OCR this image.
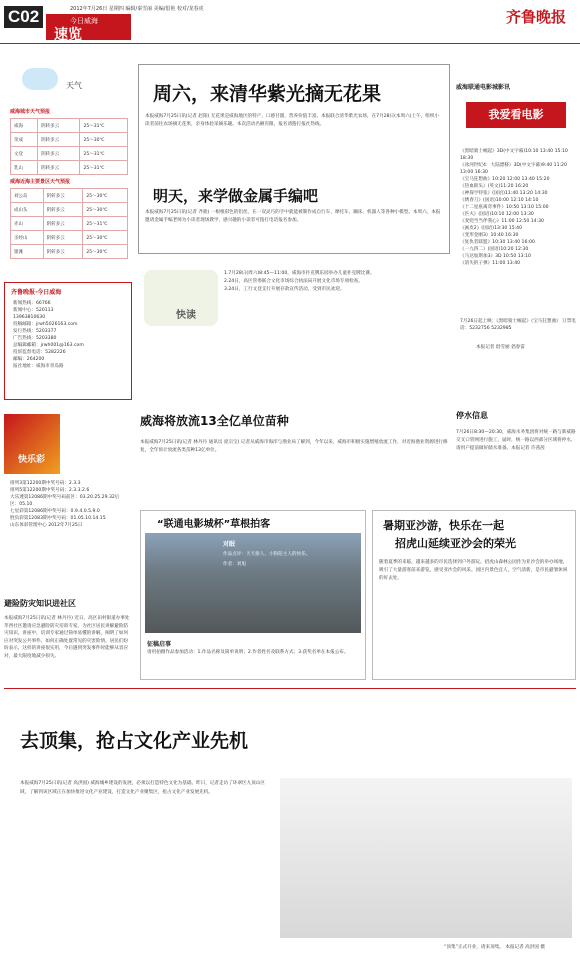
C02	2012年7月26日 星期四 编辑/秦雪丽 美编/倡艳 校对/龙春虎
今日威海
速览
齐鲁晚报
天气
威海城市天气预报
威海	阴转多云	25～31℃
荣成	阴转多云	25～30℃
文登	阴转多云	25～31℃
乳山	阴转多云	25～31℃
威海近海主要景区天气预报
刘公岛	阴转多云	25～30℃
成山头	阴转多云	25～30℃
赤山	阴转多云	25～31℃
圣经山	阴转多云	25～30℃
银滩	阴转多云	25～30℃
齐鲁晚报·今日威海
新闻热线：66766
新闻中心：520113
13963810630
投稿邮箱：jrwh5026163.com
发行热线：5203377
广告热线：5203380
总编辑邮箱：jrwh001@163.com
投诉监督电话：5282226
邮编：264200
报社地址：威海市青岛路
快乐彩
排列3第12200期中奖号码：2.3.3
排列5第12200期中奖号码：2.3.3.2.6
大乐透第12086期中奖号码前区：03.20.25.29.32后区：05.10
七星彩第12086期中奖号码：0.9.4.0.5.9.0
胜负彩第12083期中奖号码：01.05.10.14.15
山东体彩管理中心 2012年7月25日
避险防灾知识进社区
本报威海7月25日讯(记者 林丹丹) 近日，高区田村街道办事处莘西社区邀请应急避险防灾培训专家，为社区居民讲解避险防灾知识。讲座中，培训专家通过简单易懂的讲解，阐明了如何应对突发公共事件、如何正确处置常见的灾害险情。居民们纷纷表示，这样的讲座很实用，今后遇到突发事件时能够从容应对，最大限度地减少损失。
周六，来清华紫光摘无花果
本报威海7月25日讯(记者 赵阳) 无花果是威海地区的特产，口感甘甜，营养价值丰富。本报联合清华紫光农场，在7月28日(本周六)上午，组织小读者前往农场摘无花果，亲身体验采摘乐趣。本次活动名额有限，报名请拨打报社热线。
明天，来学做金属手编吧
本报威海7月25日讯(记者 齐鹿) 一根根彩色的铝丝，在一双灵巧的手中就能被制作成自行车、摩托车、蹦床、机器人等各种小模型。本周六，本报邀请金属手编老师为小读者现场教学，感兴趣的小读者可拨打电话报名参加。
快读
1.7月28日(周六)8:45—11:00，威海市扑克牌乐园举办儿童扑克牌比赛。
2.24日，高区管委联合文化市场综合执法局开展文化市场专项检查。
3.24日，工行文登支行开展存款宣传活动，受到市民欢迎。
威海联通电影城影讯
我爱看电影
《黑暗骑士崛起》3D(中文字幕)10:10 13:40 15:10 18:30
《冰河世纪4：大陆漂移》3D(中文字幕)9:40 11:20 13:00 16:30
《宝马狂想曲》10:20 12:00 13:40 15:20
《热血街头》(英文)11:20 16:20
《神探亨特张》(国语)11:40 13:20 14:30
《绣春刀》(国语)10:00 12:10 14:10
《十二星座离奇事件》10:50 13:10 15:00
《匹夫》(国语)10:10 12:00 13:30
《麦兜当当伴我心》11:00 12:50 14:30
《画皮2》(国语)13:30 15:40
《变形金刚3》10:40 16:30
《复仇者联盟》10:30 13:40 16:00
《一九四二》(国语)10:20 12:30
《马达加斯加3》3D 10:50 13:10
《消失的子弹》11:00 13:40
7月26日起上映：《黑暗骑士崛起》《宝马狂想曲》 订票电话：5232756 5232985
本报记者 倡雪丽 倡春雷
停水信息
7月26日8:30—20:30，威海水务集团将对统一路与新威路交叉口管网进行施工，届时，统一路以西部分区域将停水，请用户提前做好储水准备。本报记者 许茜茜
威海将放流13全亿单位苗种
本报威海7月25日讯(记者 林丹丹 通讯员 庞宗宝) 记者从威海市海洋与渔业局了解到，今年以来，威海市积极实施增殖放流工作，对近海渔业资源进行修复，全年预计放流各类苗种13亿单位。
“联通电影城杯”草根拍客
对眠
作品点评：天天接人、小狗陪主人的快乐。
作者：刘旭
征稿启事
请用拍摄作品参加活动：1.作品名称及简单说明；2.作者姓名及联系方式；3.获奖名单在本报公布。
暑期亚沙游，快乐在一起
招虎山延续亚沙会的荣光
随着夏季的来临，越来越多的市民选择到户外游玩。招虎山森林公园作为亚沙会的举办场地，吸引了大量游客前来游览，感受亚沙会的风采。园区内景色宜人，空气清新，是市民避暑休闲的好去处。
去顶集，抢占文化产业先机
本报威海7月25日讯(记者 高洪国) 威海城乡建设的发展，必须以打造特色文化为基础。昨日，记者走访了环翠区九顶山区域，了解到该区域正在加快推进文化产业建设，打造文化产业聚集区，抢占文化产业发展先机。
“顶集”正式开业，请来顶集。 本报记者 高洪国 摄
